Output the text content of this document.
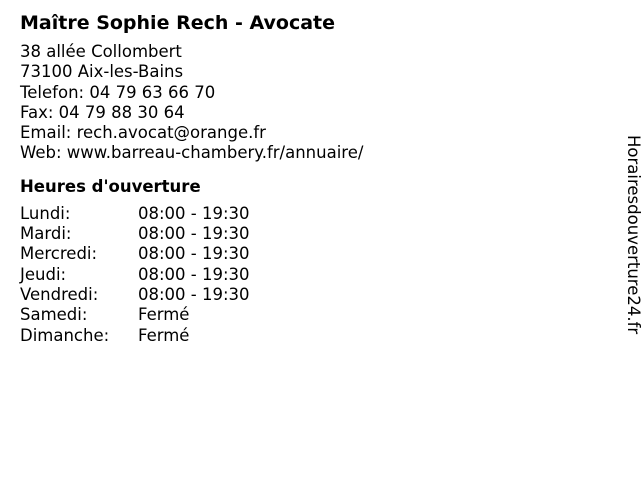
Maître Sophie Rech - Avocate
38 allée Collombert
73100 Aix-les-Bains
Telefon: 04 79 63 66 70
Fax: 04 79 88 30 64
Email: rech.avocat@orange.fr
Web: www.barreau-chambery.fr/annuaire/
Heures d'ouverture
Lundi:	08:00 - 19:30
Mardi:	08:00 - 19:30
Mercredi:	08:00 - 19:30
Jeudi:	08:00 - 19:30
Vendredi:	08:00 - 19:30
Samedi:	Fermé
Dimanche:	Fermé
Horairesdouverture24.fr
